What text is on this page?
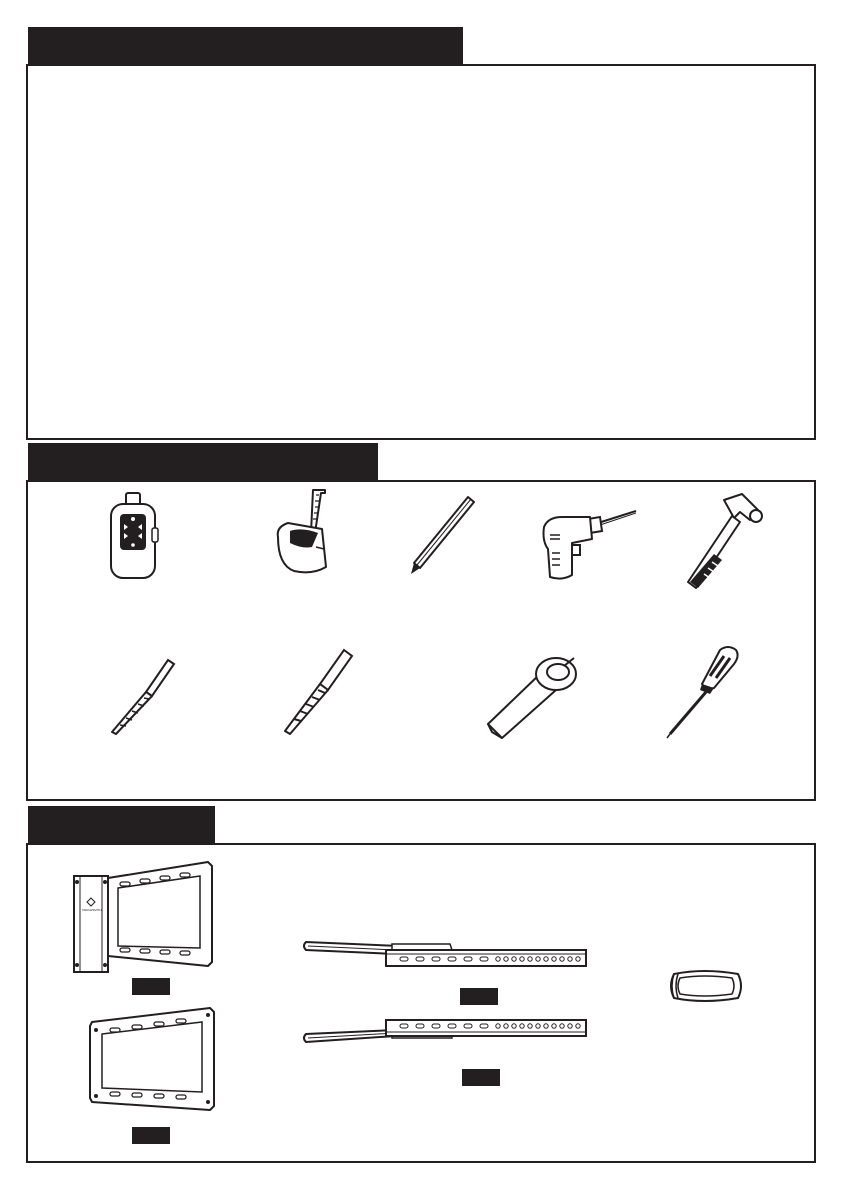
PERLESMITH
